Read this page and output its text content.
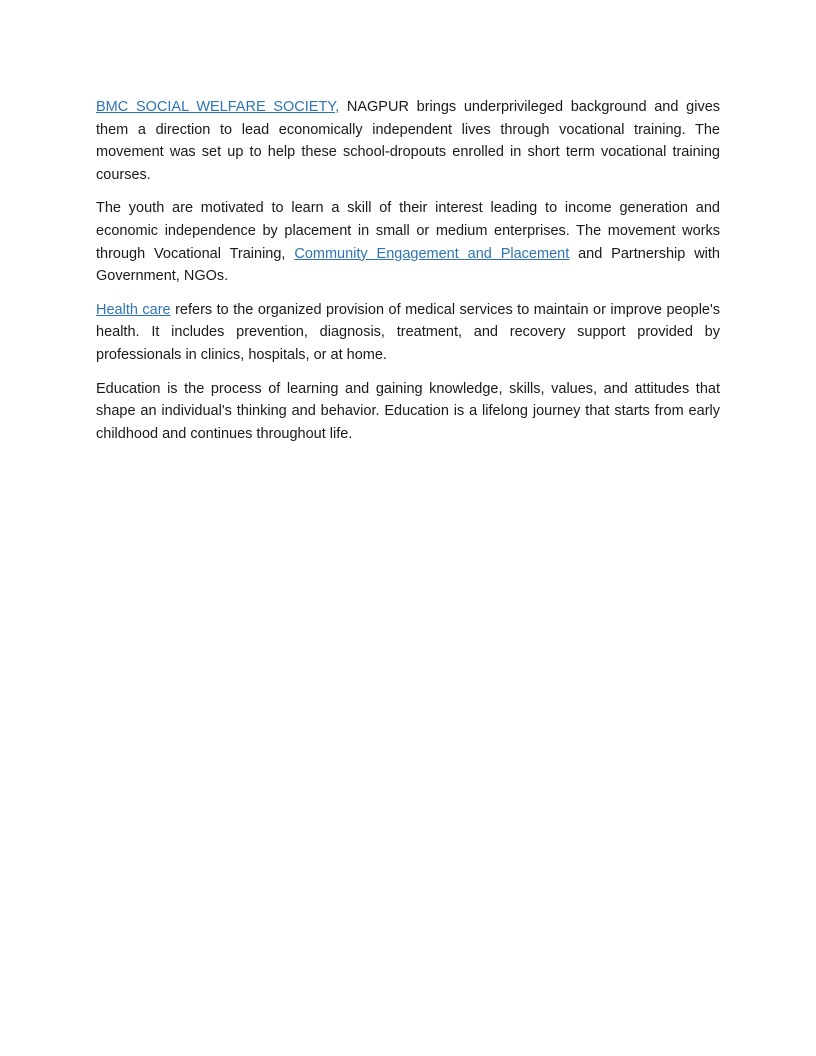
BMC SOCIAL WELFARE SOCIETY, NAGPUR brings underprivileged background and gives them a direction to lead economically independent lives through vocational training. The movement was set up to help these school-dropouts enrolled in short term vocational training courses.

The youth are motivated to learn a skill of their interest leading to income generation and economic independence by placement in small or medium enterprises. The movement works through Vocational Training, Community Engagement and Placement and Partnership with Government, NGOs.

Health care refers to the organized provision of medical services to maintain or improve people's health. It includes prevention, diagnosis, treatment, and recovery support provided by professionals in clinics, hospitals, or at home.

Education is the process of learning and gaining knowledge, skills, values, and attitudes that shape an individual's thinking and behavior. Education is a lifelong journey that starts from early childhood and continues throughout life.
